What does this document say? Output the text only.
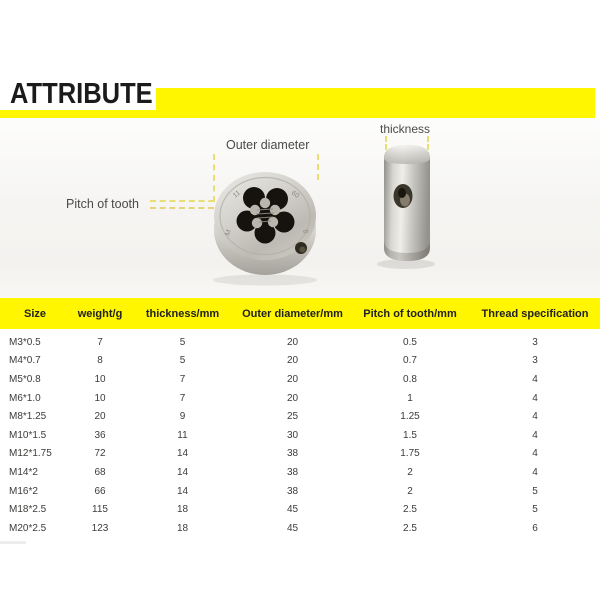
ATTRIBUTE
Outer diameter
thickness
Pitch of tooth
11	60
M	8
Size	weight/g	thickness/mm	Outer diameter/mm	Pitch of tooth/mm	Thread specification
M3*0.5	7	5	20	0.5	3
M4*0.7	8	5	20	0.7	3
M5*0.8	10	7	20	0.8	4
M6*1.0	10	7	20	1	4
M8*1.25	20	9	25	1.25	4
M10*1.5	36	11	30	1.5	4
M12*1.75	72	14	38	1.75	4
M14*2	68	14	38	2	4
M16*2	66	14	38	2	5
M18*2.5	115	18	45	2.5	5
M20*2.5	123	18	45	2.5	6
